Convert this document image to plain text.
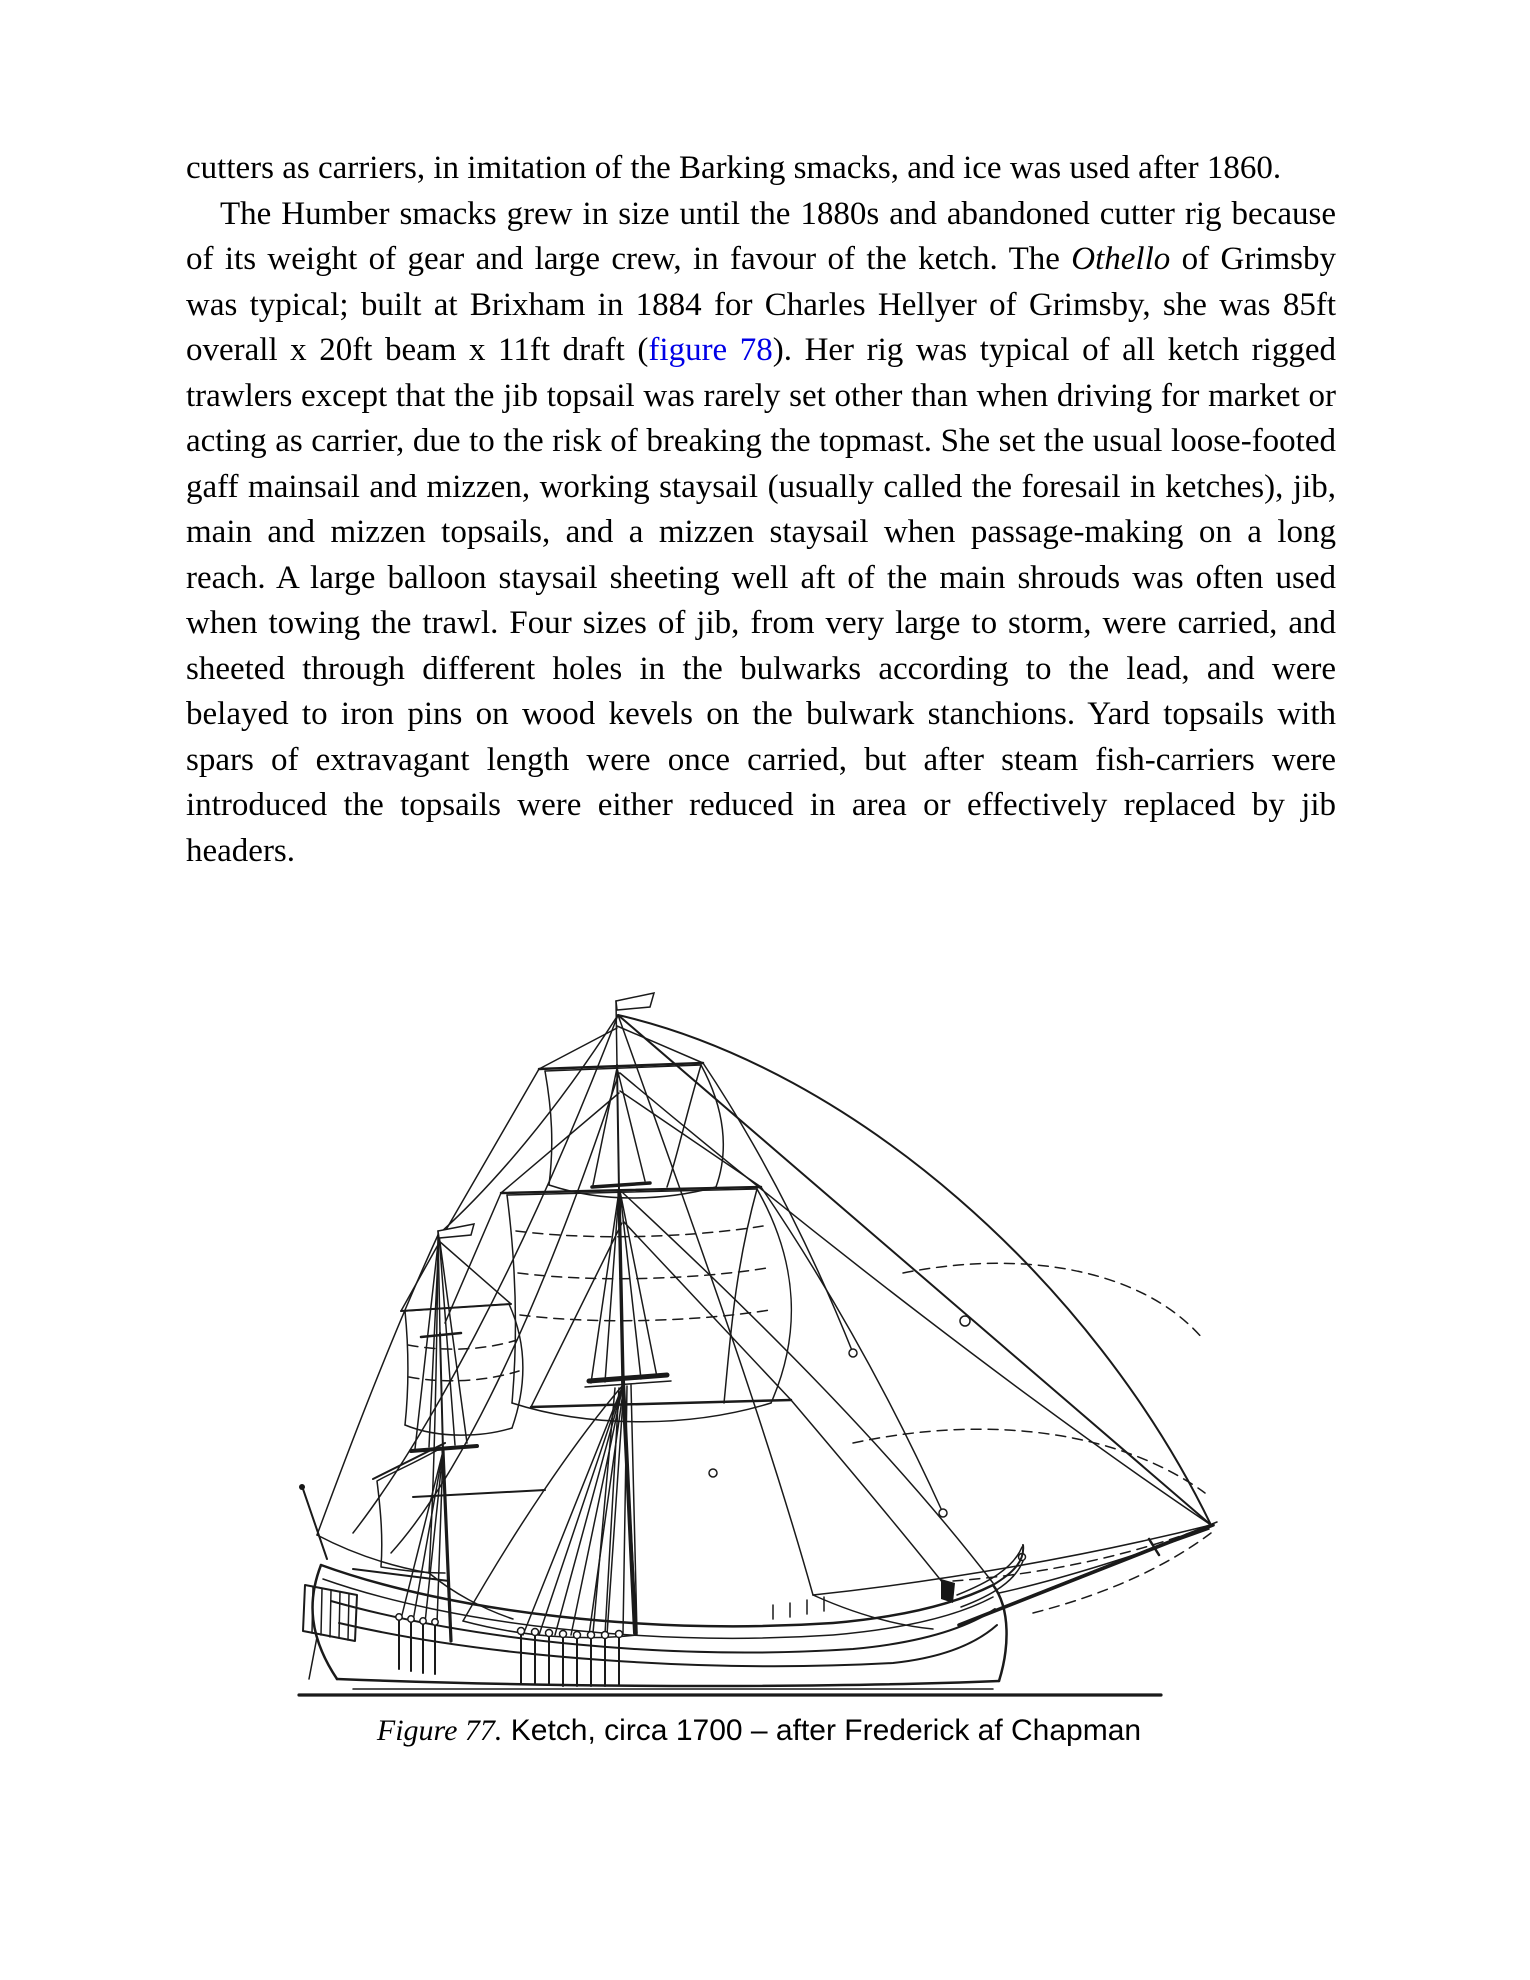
cutters as carriers, in imitation of the Barking smacks, and ice was used after 1860.

The Humber smacks grew in size until the 1880s and abandoned cutter rig because of its weight of gear and large crew, in favour of the ketch. The Othello of Grimsby was typical; built at Brixham in 1884 for Charles Hellyer of Grimsby, she was 85ft overall x 20ft beam x 11ft draft (figure 78). Her rig was typical of all ketch rigged trawlers except that the jib topsail was rarely set other than when driving for market or acting as carrier, due to the risk of breaking the topmast. She set the usual loose-footed gaff mainsail and mizzen, working staysail (usually called the foresail in ketches), jib, main and mizzen topsails, and a mizzen staysail when passage-making on a long reach. A large balloon staysail sheeting well aft of the main shrouds was often used when towing the trawl. Four sizes of jib, from very large to storm, were carried, and sheeted through different holes in the bulwarks according to the lead, and were belayed to iron pins on wood kevels on the bulwark stanchions. Yard topsails with spars of extravagant length were once carried, but after steam fish-carriers were introduced the topsails were either reduced in area or effectively replaced by jib headers.

Figure 77. Ketch, circa 1700 – after Frederick af Chapman
